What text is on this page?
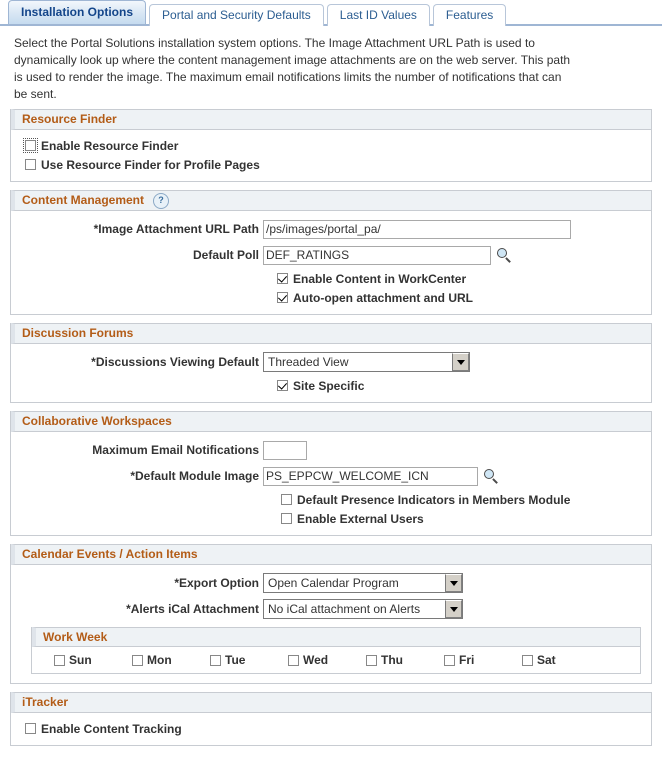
Installation Options	Portal and Security Defaults	Last ID Values	Features
Select the Portal Solutions installation system options. The Image Attachment URL Path is used to dynamically look up where the content management image attachments are on the web server. This path is used to render the image. The maximum email notifications limits the number of notifications that can be sent.
Resource Finder
Enable Resource Finder
Use Resource Finder for Profile Pages
Content Management	?
*Image Attachment URL Path
/ps/images/portal_pa/
Default Poll
DEF_RATINGS
Enable Content in WorkCenter
Auto-open attachment and URL
Discussion Forums
*Discussions Viewing Default Threaded View
Site Specific
Collaborative Workspaces
Maximum Email Notifications
*Default Module Image
PS_EPPCW_WELCOME_ICN
Default Presence Indicators in Members Module
Enable External Users
Calendar Events / Action Items
*Export Option Open Calendar Program
*Alerts iCal Attachment No iCal attachment on Alerts
Work Week
Sun	Mon	Tue	Wed	Thu	Fri	Sat
iTracker
Enable Content Tracking
